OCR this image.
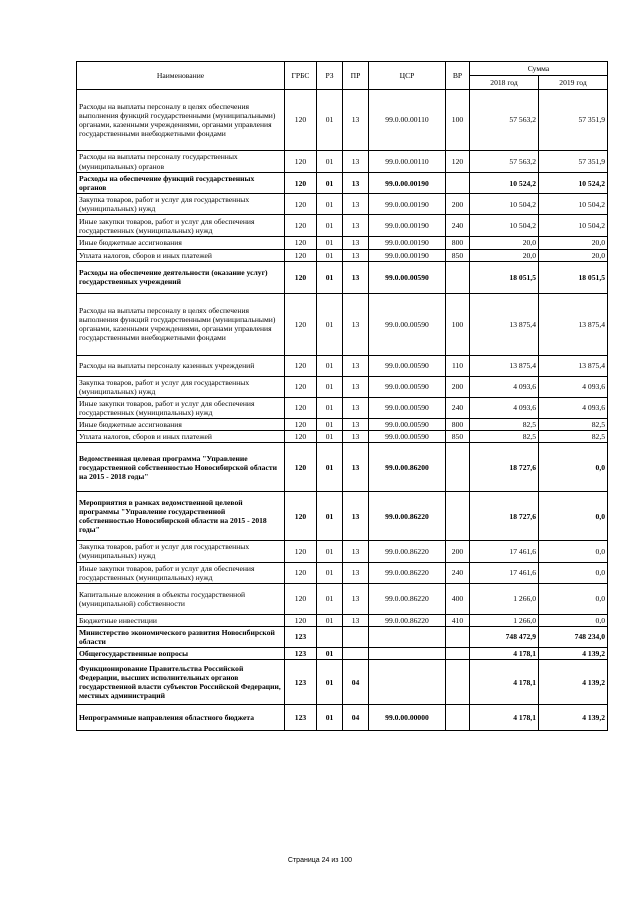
Наименование	ГРБС	РЗ	ПР	ЦСР	ВР	Сумма	
						2018 год	2019 год
Расходы на выплаты персоналу в целях обеспечения выполнения функций государственными (муниципальными) органами, казенными учреждениями, органами управления государственными внебюджетными фондами	120	01	13	99.0.00.00110	100	57 563,2	57 351,9
Расходы на выплаты персоналу государственных (муниципальных) органов	120	01	13	99.0.00.00110	120	57 563,2	57 351,9
Расходы на обеспечение функций государственных органов	120	01	13	99.0.00.00190		10 524,2	10 524,2
Закупка товаров, работ и услуг для государственных (муниципальных) нужд	120	01	13	99.0.00.00190	200	10 504,2	10 504,2
Иные закупки товаров, работ и услуг для обеспечения государственных (муниципальных) нужд	120	01	13	99.0.00.00190	240	10 504,2	10 504,2
Иные бюджетные ассигнования	120	01	13	99.0.00.00190	800	20,0	20,0
Уплата налогов, сборов и иных платежей	120	01	13	99.0.00.00190	850	20,0	20,0
Расходы на обеспечение деятельности (оказание услуг) государственных учреждений	120	01	13	99.0.00.00590		18 051,5	18 051,5
Расходы на выплаты персоналу в целях обеспечения выполнения функций государственными (муниципальными) органами, казенными учреждениями, органами управления государственными внебюджетными фондами	120	01	13	99.0.00.00590	100	13 875,4	13 875,4
Расходы на выплаты персоналу казенных учреждений	120	01	13	99.0.00.00590	110	13 875,4	13 875,4
Закупка товаров, работ и услуг для государственных (муниципальных) нужд	120	01	13	99.0.00.00590	200	4 093,6	4 093,6
Иные закупки товаров, работ и услуг для обеспечения государственных (муниципальных) нужд	120	01	13	99.0.00.00590	240	4 093,6	4 093,6
Иные бюджетные ассигнования	120	01	13	99.0.00.00590	800	82,5	82,5
Уплата налогов, сборов и иных платежей	120	01	13	99.0.00.00590	850	82,5	82,5
Ведомственная целевая программа "Управление государственной собственностью Новосибирской области на 2015 - 2018 годы"	120	01	13	99.0.00.86200		18 727,6	0,0
Мероприятия в рамках ведомственной целевой программы "Управление государственной собственностью Новосибирской области на 2015 - 2018 годы"	120	01	13	99.0.00.86220		18 727,6	0,0
Закупка товаров, работ и услуг для государственных (муниципальных) нужд	120	01	13	99.0.00.86220	200	17 461,6	0,0
Иные закупки товаров, работ и услуг для обеспечения государственных (муниципальных) нужд	120	01	13	99.0.00.86220	240	17 461,6	0,0
Капитальные вложения в объекты государственной (муниципальной) собственности	120	01	13	99.0.00.86220	400	1 266,0	0,0
Бюджетные инвестиции	120	01	13	99.0.00.86220	410	1 266,0	0,0
Министерство экономического развития Новосибирской области	123					748 472,9	748 234,0
Общегосударственные вопросы	123	01				4 178,1	4 139,2
Функционирование Правительства Российской Федерации, высших исполнительных органов государственной власти субъектов Российской Федерации, местных администраций	123	01	04			4 178,1	4 139,2
Непрограммные направления областного бюджета	123	01	04	99.0.00.00000		4 178,1	4 139,2
Страница 24 из 100
